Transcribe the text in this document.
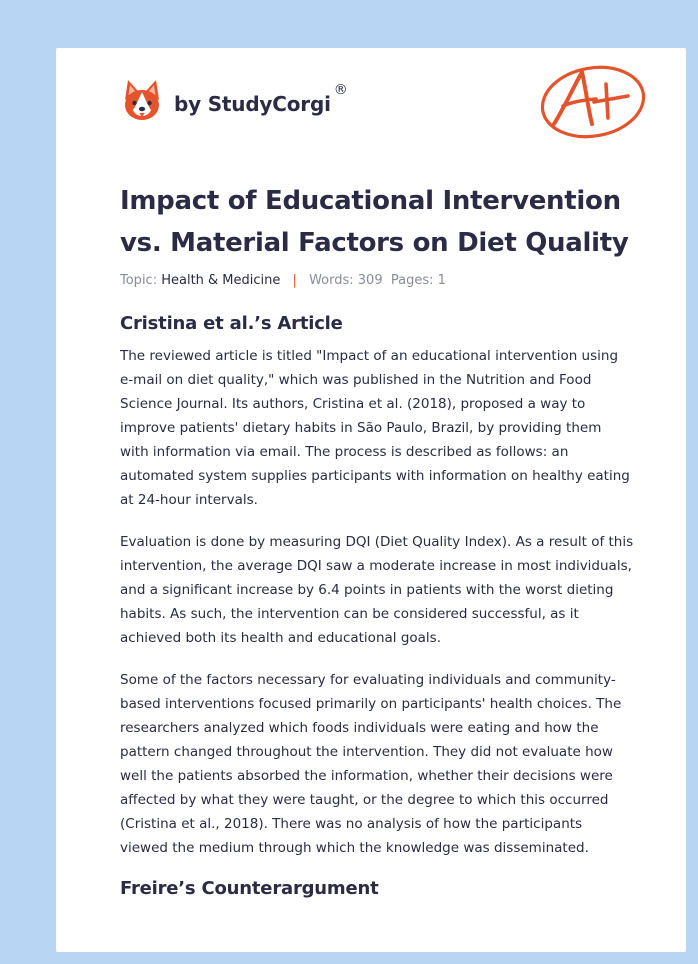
by StudyCorgi®
Impact of Educational Intervention vs. Material Factors on Diet Quality
Topic: Health & Medicine | Words: 309 Pages: 1
Cristina et al.’s Article

The reviewed article is titled "Impact of an educational intervention using e-mail on diet quality," which was published in the Nutrition and Food Science Journal. Its authors, Cristina et al. (2018), proposed a way to improve patients' dietary habits in São Paulo, Brazil, by providing them with information via email. The process is described as follows: an automated system supplies participants with information on healthy eating at 24-hour intervals.

Evaluation is done by measuring DQI (Diet Quality Index). As a result of this intervention, the average DQI saw a moderate increase in most individuals, and a significant increase by 6.4 points in patients with the worst dieting habits. As such, the intervention can be considered successful, as it achieved both its health and educational goals.

Some of the factors necessary for evaluating individuals and community-based interventions focused primarily on participants' health choices. The researchers analyzed which foods individuals were eating and how the pattern changed throughout the intervention. They did not evaluate how well the patients absorbed the information, whether their decisions were affected by what they were taught, or the degree to which this occurred (Cristina et al., 2018). There was no analysis of how the participants viewed the medium through which the knowledge was disseminated.

Freire’s Counterargument
